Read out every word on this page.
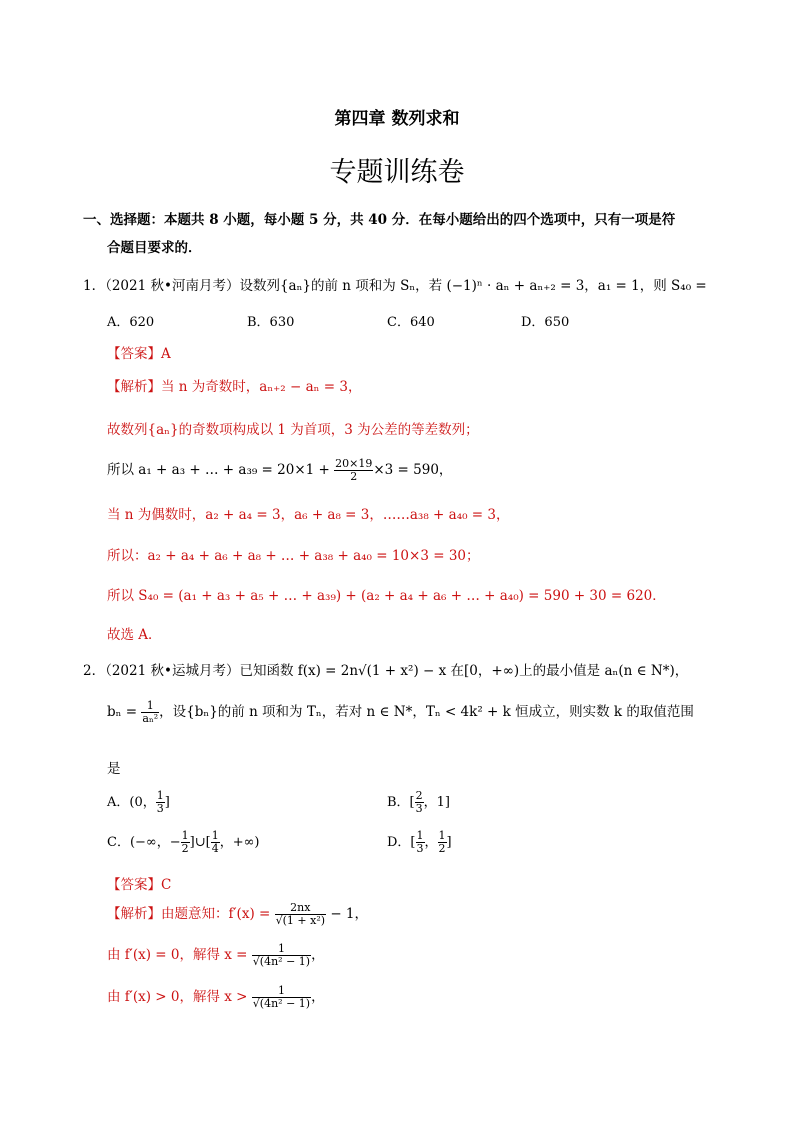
第四章 数列求和
专题训练卷
一、选择题：本题共 8 小题，每小题 5 分，共 40 分．在每小题给出的四个选项中，只有一项是符
合题目要求的．
1．（2021 秋•河南月考）设数列{aₙ}的前 n 项和为 Sₙ，若 (−1)ⁿ · aₙ + aₙ₊₂ = 3，a₁ = 1，则 S₄₀ =
A．620	B．630	C．640	D．650
【答案】A
【解析】当 n 为奇数时，aₙ₊₂ − aₙ = 3，
故数列{aₙ}的奇数项构成以 1 为首项，3 为公差的等差数列；
所以 a₁ + a₃ + … + $a_{39} = 20\times 1 + \frac{20\times 19}{2} \times 3 = 590$，
当 n 为偶数时，a₂ + a₄ = 3，a₆ + a₈ = 3，……a₃₈ + a₄₀ = 3，
所以：a₂ + a₄ + a₆ + a₈ + … + a₃₈ + a₄₀ = 10×3 = 30；
所以 S₄₀ = (a₁ + a₃ + a₅ + … + a₃₉) + (a₂ + a₄ + a₆ + … + a₄₀) = 590 + 30 = 620．
故选 A．
2．（2021 秋•运城月考）已知函数 f(x) = 2n√(1 + x²) − x 在[0，+∞)上的最小值是 aₙ(n ∈ N*)，
$b_n = \frac{1}{\text{aₙ²}}$ ，设{bₙ}的前 n 项和为 Tₙ，若对 n ∈ N*，Tₙ < 4k² + k 恒成立，则实数 k 的取值范围
是
A．(0， $\frac{1}{3}$ ]	B．[ $\frac{2}{3}$ ，1]
C．(−∞，− $\frac{1}{2}$ ]∪[ $\frac{1}{4}$ ，+∞)	D．[ $\frac{1}{3}$ ， $\frac{1}{2}$ ]
【答案】C
【解析】由题意知：$f'(x) = \frac{2nx}{\text{√(1 + x²)}} - 1$，
由 f′(x) = 0，解得 $x = \frac{1}{\text{√(4n² − 1)}}$ ，
由 f′(x) > 0，解得 $x > \frac{1}{\text{√(4n² − 1)}}$ ，
